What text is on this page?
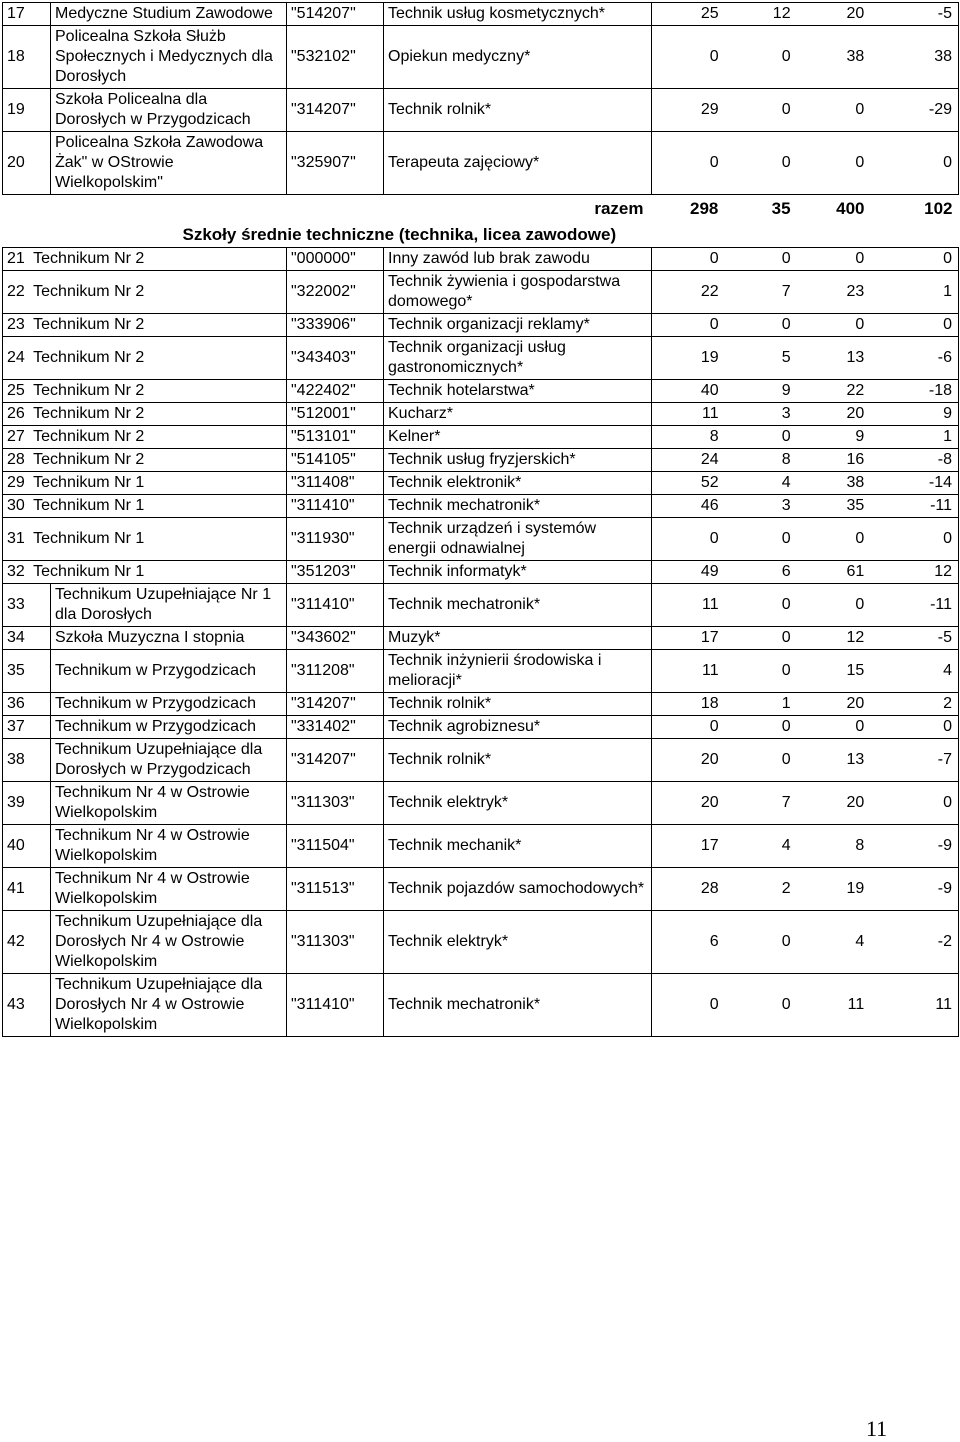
17	Medyczne Studium Zawodowe	"514207"	Technik usług kosmetycznych*	25 12 20 -5

18	Policealna Szkoła Służb Społecznych i Medycznych dla Dorosłych	"532102"	Opiekun medyczny*	0 0 38 38

19	Szkoła Policealna dla Dorosłych w Przygodzicach	"314207"	Technik rolnik*	29 0 0 -29

20	Policealna Szkoła Zawodowa Żak" w OStrowie Wielkopolskim"	"325907"	Terapeuta zajęciowy*	0 0 0 0

razem				298 35 400 102

Szkoły średnie techniczne (technika, licea zawodowe)				
21 Technikum Nr 2		"000000"	Inny zawód lub brak zawodu	0 0 0 0

22 Technikum Nr 2		"322002"	Technik żywienia i gospodarstwa domowego*	22 7 23 1

23 Technikum Nr 2		"333906"	Technik organizacji reklamy*	0 0 0 0

24 Technikum Nr 2		"343403"	Technik organizacji usług gastronomicznych*	19 5 13 -6

25 Technikum Nr 2		"422402"	Technik hotelarstwa*	40 9 22 -18

26 Technikum Nr 2		"512001"	Kucharz*	11 3 20 9

27 Technikum Nr 2		"513101"	Kelner*	8 0 9 1

28 Technikum Nr 2		"514105"	Technik usług fryzjerskich*	24 8 16 -8

29 Technikum Nr 1		"311408"	Technik elektronik*	52 4 38 -14

30 Technikum Nr 1		"311410"	Technik mechatronik*	46 3 35 -11

31 Technikum Nr 1		"311930"	Technik urządzeń i systemów energii odnawialnej	0 0 0 0

32 Technikum Nr 1		"351203"	Technik informatyk*	49 6 61 12

33	Technikum Uzupełniające Nr 1 dla Dorosłych	"311410"	Technik mechatronik*	11 0 0 -11

34	Szkoła Muzyczna I stopnia	"343602"	Muzyk*	17 0 12 -5

35	Technikum w Przygodzicach	"311208"	Technik inżynierii środowiska i melioracji*	11 0 15 4

36	Technikum w Przygodzicach	"314207"	Technik rolnik*	18 1 20 2

37	Technikum w Przygodzicach	"331402"	Technik agrobiznesu*	0 0 0 0

38	Technikum Uzupełniające dla Dorosłych w Przygodzicach	"314207"	Technik rolnik*	20 0 13 -7

39	Technikum Nr 4 w Ostrowie Wielkopolskim	"311303"	Technik elektryk*	20 7 20 0

40	Technikum Nr 4 w Ostrowie Wielkopolskim	"311504"	Technik mechanik*	17 4 8 -9

41	Technikum Nr 4 w Ostrowie Wielkopolskim	"311513"	Technik pojazdów samochodowych*	28 2 19 -9

42	Technikum Uzupełniające dla Dorosłych Nr 4 w Ostrowie Wielkopolskim	"311303"	Technik elektryk*	6 0 4 -2

43	Technikum Uzupełniające dla Dorosłych Nr 4 w Ostrowie Wielkopolskim	"311410"	Technik mechatronik*	0 0 11 11
11
